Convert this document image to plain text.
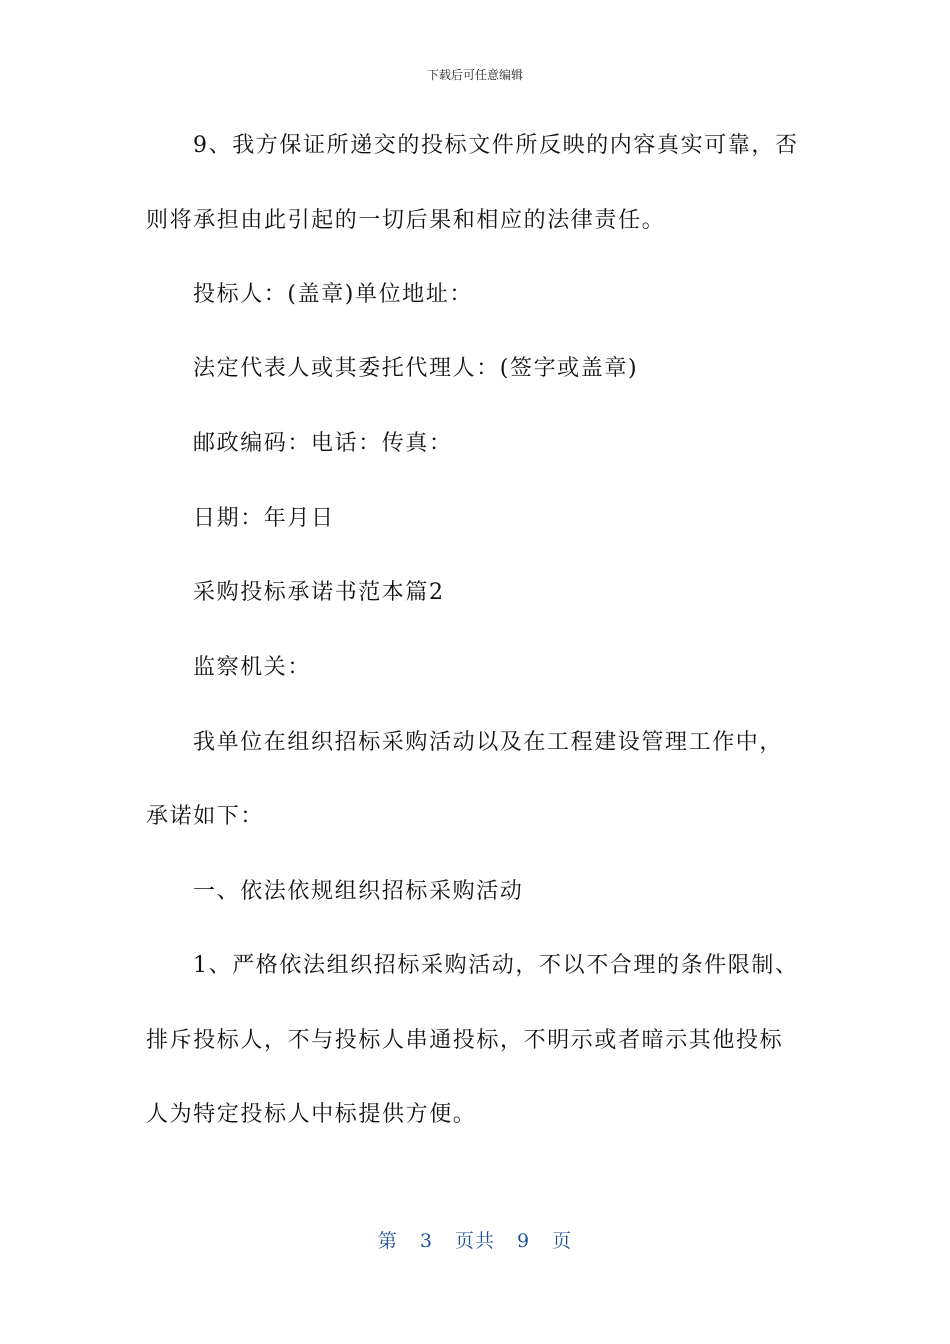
下载后可任意编辑
9、我方保证所递交的投标文件所反映的内容真实可靠，否
则将承担由此引起的一切后果和相应的法律责任。
投标人：(盖章)单位地址：
法定代表人或其委托代理人：(签字或盖章)
邮政编码：电话：传真：
日期：年月日
采购投标承诺书范本篇2
监察机关：
我单位在组织招标采购活动以及在工程建设管理工作中，
承诺如下：
一、依法依规组织招标采购活动
1、严格依法组织招标采购活动，不以不合理的条件限制、
排斥投标人，不与投标人串通投标，不明示或者暗示其他投标
人为特定投标人中标提供方便。
第 3 页共 9 页
